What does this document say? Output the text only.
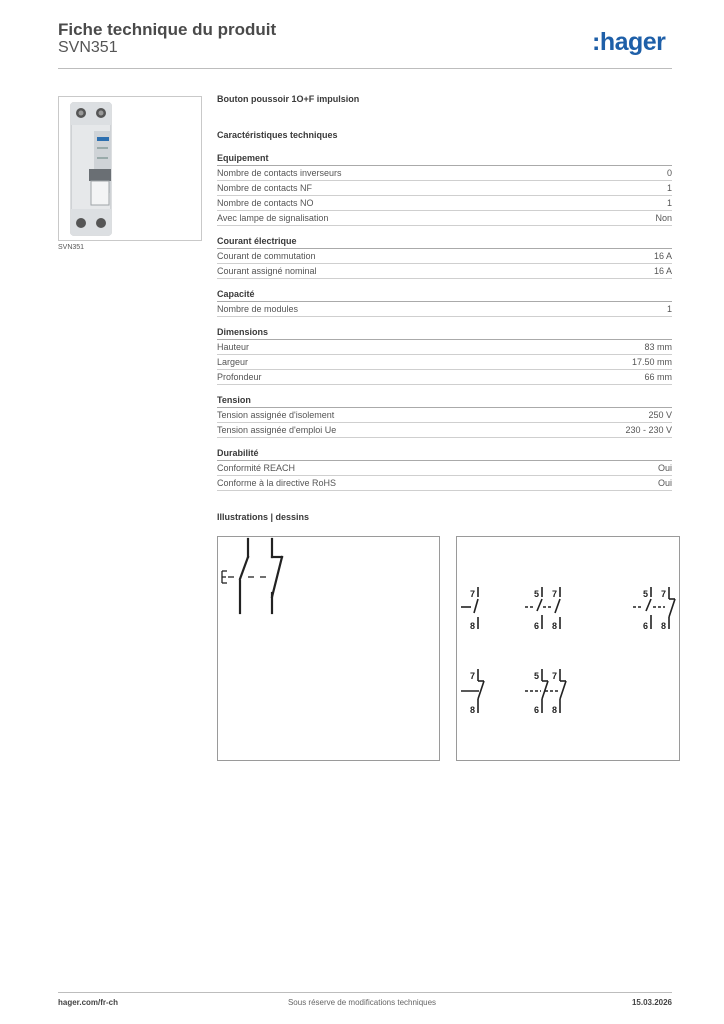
Fiche technique du produit
SVN351	:hager
SVN351
Bouton poussoir 1O+F impulsion
Caractéristiques techniques
Equipement
Nombre de contacts inverseurs	0
Nombre de contacts NF	1
Nombre de contacts NO	1
Avec lampe de signalisation	Non
Courant électrique
Courant de commutation	16 A
Courant assigné nominal	16 A
Capacité
Nombre de modules	1
Dimensions
Hauteur	83 mm
Largeur	17.50 mm
Profondeur	66 mm
Tension
Tension assignée d'isolement	250 V
Tension assignée d'emploi Ue	230 - 230 V
Durabilité
Conformité REACH	Oui
Conforme à la directive RoHS	Oui
Illustrations | dessins
7
8
5 7
6 8
5 7
6 8
7
8
5 7
6 8
Sous réserve de modifications techniques
hager.com/fr-ch	15.03.2026
